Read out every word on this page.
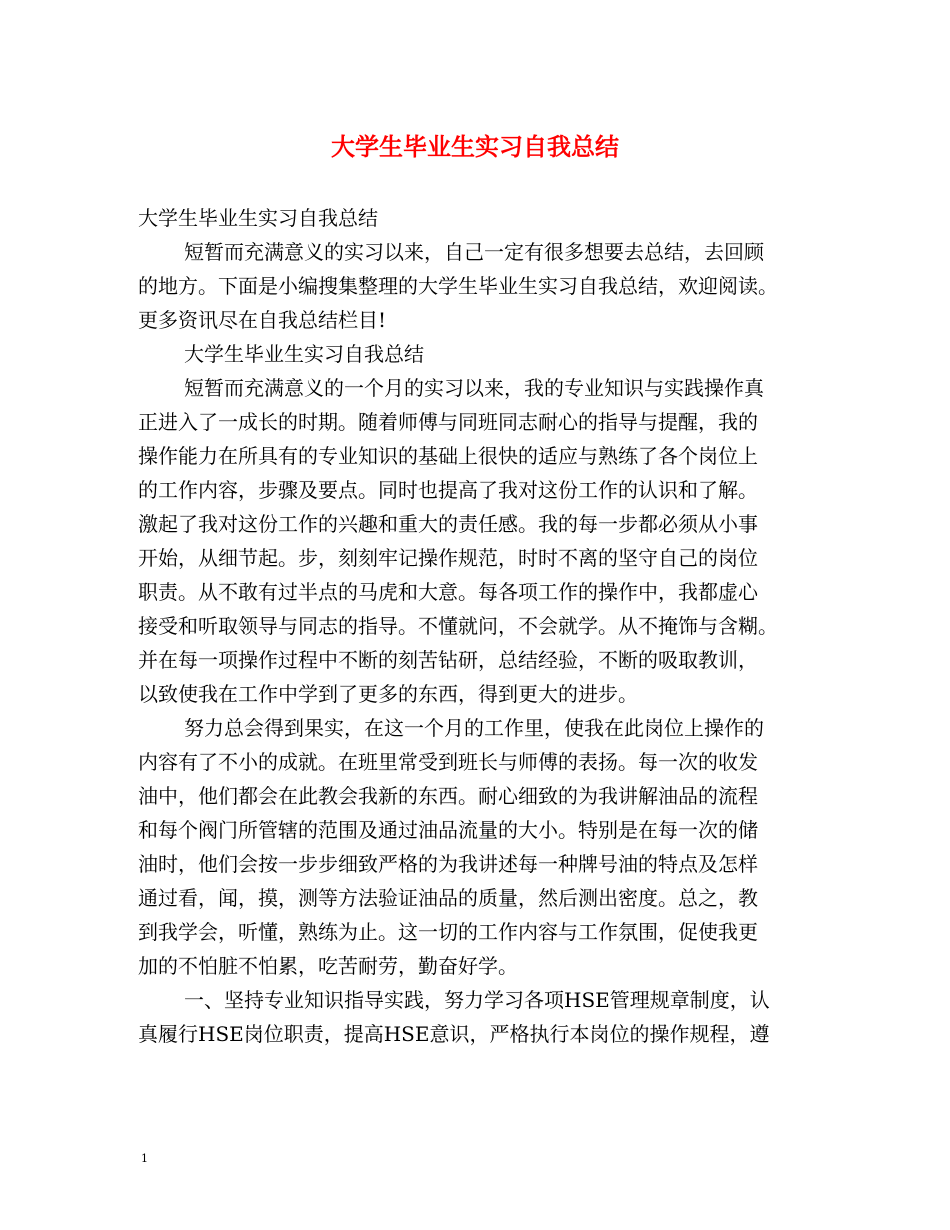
大学生毕业生实习自我总结

大学生毕业生实习自我总结

短暂而充满意义的实习以来，自己一定有很多想要去总结，去回顾

的地方。下面是小编搜集整理的大学生毕业生实习自我总结，欢迎阅读。

更多资讯尽在自我总结栏目!

大学生毕业生实习自我总结

短暂而充满意义的一个月的实习以来，我的专业知识与实践操作真

正进入了一成长的时期。随着师傅与同班同志耐心的指导与提醒，我的

操作能力在所具有的专业知识的基础上很快的适应与熟练了各个岗位上

的工作内容，步骤及要点。同时也提高了我对这份工作的认识和了解。

激起了我对这份工作的兴趣和重大的责任感。我的每一步都必须从小事

开始，从细节起。步，刻刻牢记操作规范，时时不离的坚守自己的岗位

职责。从不敢有过半点的马虎和大意。每各项工作的操作中，我都虚心

接受和听取领导与同志的指导。不懂就问，不会就学。从不掩饰与含糊。

并在每一项操作过程中不断的刻苦钻研，总结经验，不断的吸取教训，

以致使我在工作中学到了更多的东西，得到更大的进步。

努力总会得到果实，在这一个月的工作里，使我在此岗位上操作的

内容有了不小的成就。在班里常受到班长与师傅的表扬。每一次的收发

油中，他们都会在此教会我新的东西。耐心细致的为我讲解油品的流程

和每个阀门所管辖的范围及通过油品流量的大小。特别是在每一次的储

油时，他们会按一步步细致严格的为我讲述每一种牌号油的特点及怎样

通过看，闻，摸，测等方法验证油品的质量，然后测出密度。总之，教

到我学会，听懂，熟练为止。这一切的工作内容与工作氛围，促使我更

加的不怕脏不怕累，吃苦耐劳，勤奋好学。

一、坚持专业知识指导实践，努力学习各项HSE管理规章制度，认

真履行HSE岗位职责，提高HSE意识，严格执行本岗位的操作规程，遵

1
